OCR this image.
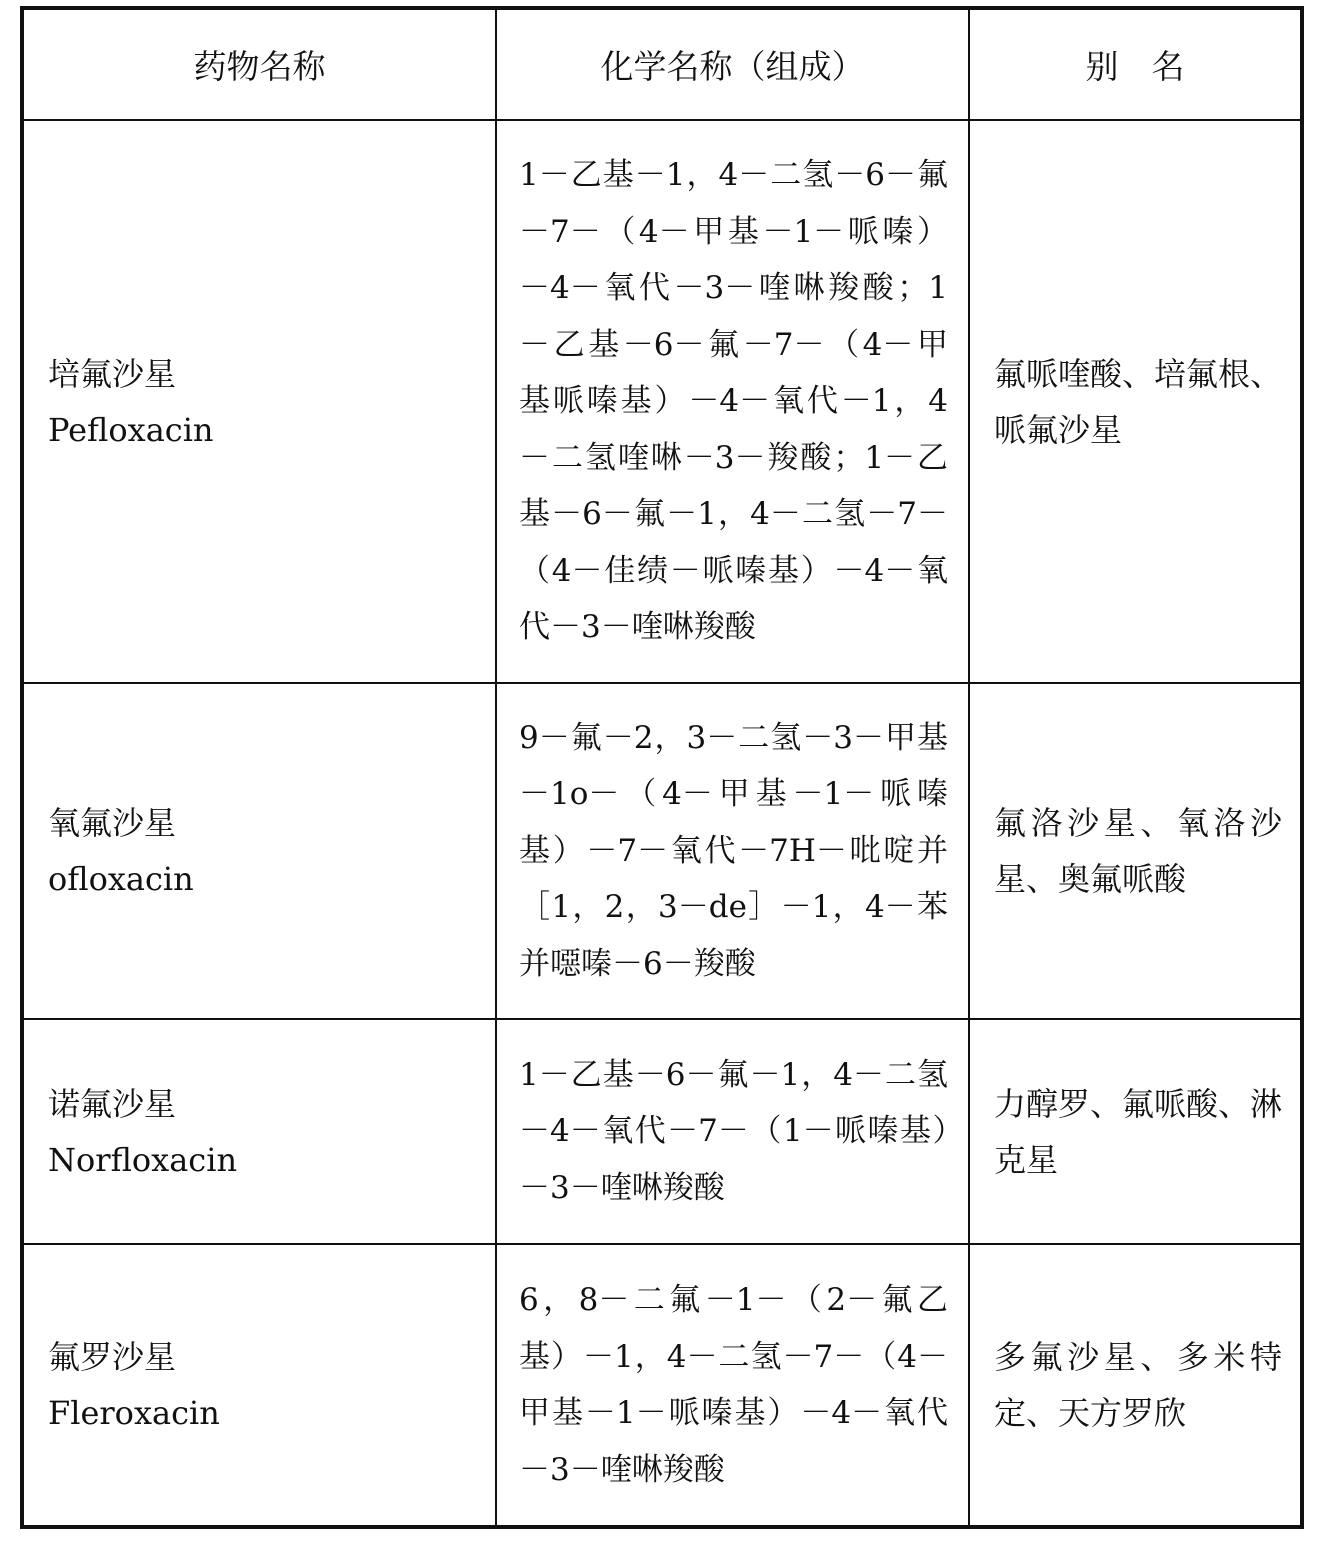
药物名称	化学名称（组成）	别　名

培氟沙星
Pefloxacin	1－乙基－1，4－二氢－6－氟－7－（4－甲基－1－哌嗪）－4－氧代－3－喹啉羧酸；1－乙基－6－氟－7－（4－甲基哌嗪基）－4－氧代－1，4－二氢喹啉－3－羧酸；1－乙基－6－氟－1，4－二氢－7－（4－佳绩－哌嗪基）－4－氧代－3－喹啉羧酸	氟哌喹酸、培氟根、哌氟沙星

氧氟沙星
ofloxacin	9－氟－2，3－二氢－3－甲基－1o－（4－甲基－1－哌嗪基）－7－氧代－7H－吡啶并［1，2，3－de］－1，4－苯并噁嗪－6－羧酸	氟洛沙星、氧洛沙星、奥氟哌酸

诺氟沙星
Norfloxacin	1－乙基－6－氟－1，4－二氢－4－氧代－7－（1－哌嗪基）－3－喹啉羧酸	力醇罗、氟哌酸、淋克星

氟罗沙星
Fleroxacin	6，8－二氟－1－（2－氟乙基）－1，4－二氢－7－（4－甲基－1－哌嗪基）－4－氧代－3－喹啉羧酸	多氟沙星、多米特定、天方罗欣
